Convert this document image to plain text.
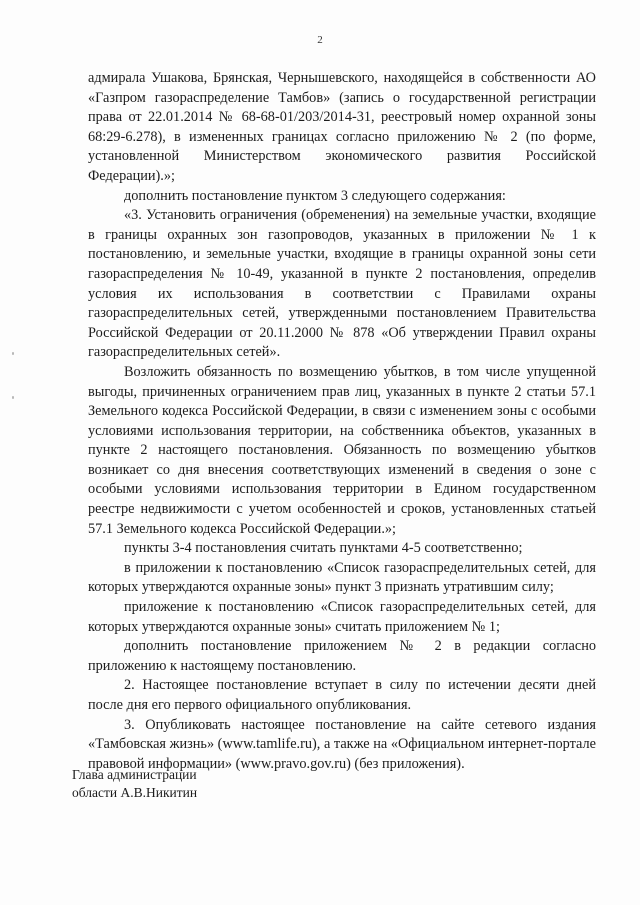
2

адмирала Ушакова, Брянская, Чернышевского, находящейся в собственности АО «Газпром газораспределение Тамбов» (запись о государственной регистрации права от 22.01.2014 № 68-68-01/203/2014-31, реестровый номер охранной зоны 68:29-6.278), в измененных границах согласно приложению № 2 (по форме, установленной Министерством экономического развития Российской Федерации).»;

дополнить постановление пунктом 3 следующего содержания:

«3. Установить ограничения (обременения) на земельные участки, входящие в границы охранных зон газопроводов, указанных в приложении № 1 к постановлению, и земельные участки, входящие в границы охранной зоны сети газораспределения № 10-49, указанной в пункте 2 постановления, определив условия их использования в соответствии с Правилами охраны газораспределительных сетей, утвержденными постановлением Правительства Российской Федерации от 20.11.2000 № 878 «Об утверждении Правил охраны газораспределительных сетей».

Возложить обязанность по возмещению убытков, в том числе упущенной выгоды, причиненных ограничением прав лиц, указанных в пункте 2 статьи 57.1 Земельного кодекса Российской Федерации, в связи с изменением зоны с особыми условиями использования территории, на собственника объектов, указанных в пункте 2 настоящего постановления. Обязанность по возмещению убытков возникает со дня внесения соответствующих изменений в сведения о зоне с особыми условиями использования территории в Едином государственном реестре недвижимости с учетом особенностей и сроков, установленных статьей 57.1 Земельного кодекса Российской Федерации.»;

пункты 3-4 постановления считать пунктами 4-5 соответственно;

в приложении к постановлению «Список газораспределительных сетей, для которых утверждаются охранные зоны» пункт 3 признать утратившим силу;

приложение к постановлению «Список газораспределительных сетей, для которых утверждаются охранные зоны» считать приложением № 1;

дополнить постановление приложением № 2 в редакции согласно приложению к настоящему постановлению.

2. Настоящее постановление вступает в силу по истечении десяти дней после дня его первого официального опубликования.

3. Опубликовать настоящее постановление на сайте сетевого издания «Тамбовская жизнь» (www.tamlife.ru), а также на «Официальном интернет-портале правовой информации» (www.pravo.gov.ru) (без приложения).

Глава администрации
области А.В.Никитин
